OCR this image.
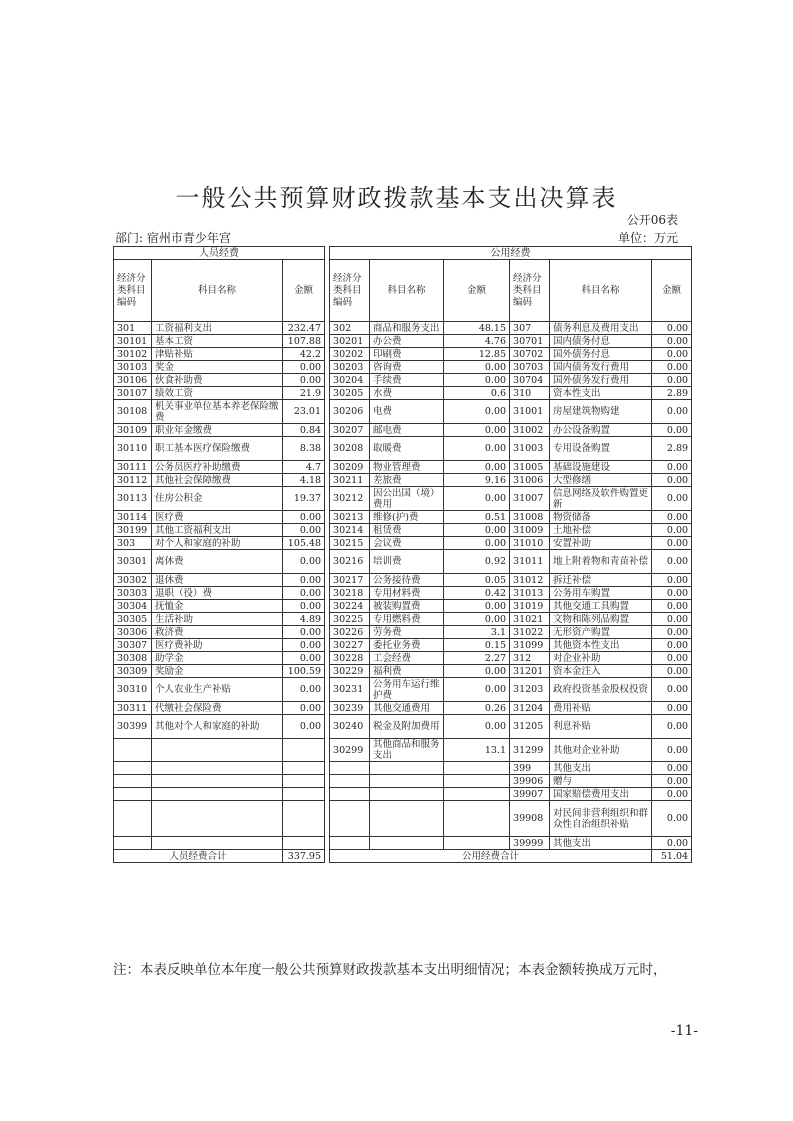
一般公共预算财政拨款基本支出决算表
公开06表
部门: 宿州市青少年宫	单位：万元
人员经费				公用经费					
经济分类科目编码	科目名称	金额		经济分类科目编码	科目名称	金额	经济分类科目编码	科目名称	金额
301	工资福利支出	232.47		302	商品和服务支出	48.15	307	债务利息及费用支出	0.00
30101	基本工资	107.88		30201	办公费	4.76	30701	国内债务付息	0.00
30102	津贴补贴	42.2		30202	印刷费	12.85	30702	国外债务付息	0.00
30103	奖金	0.00		30203	咨询费	0.00	30703	国内债务发行费用	0.00
30106	伙食补助费	0.00		30204	手续费	0.00	30704	国外债务发行费用	0.00
30107	绩效工资	21.9		30205	水费	0.6	310	资本性支出	2.89
30108	机关事业单位基本养老保险缴费	23.01		30206	电费	0.00	31001	房屋建筑物购建	0.00
30109	职业年金缴费	0.84		30207	邮电费	0.00	31002	办公设备购置	0.00
30110	职工基本医疗保险缴费	8.38		30208	取暖费	0.00	31003	专用设备购置	2.89
30111	公务员医疗补助缴费	4.7		30209	物业管理费	0.00	31005	基础设施建设	0.00
30112	其他社会保障缴费	4.18		30211	差旅费	9.16	31006	大型修缮	0.00
30113	住房公积金	19.37		30212	因公出国（境）费用	0.00	31007	信息网络及软件购置更新	0.00
30114	医疗费	0.00		30213	维修(护)费	0.51	31008	物资储备	0.00
30199	其他工资福利支出	0.00		30214	租赁费	0.00	31009	土地补偿	0.00
303	对个人和家庭的补助	105.48		30215	会议费	0.00	31010	安置补助	0.00
30301	离休费	0.00		30216	培训费	0.92	31011	地上附着物和青苗补偿	0.00
30302	退休费	0.00		30217	公务接待费	0.05	31012	拆迁补偿	0.00
30303	退职（役）费	0.00		30218	专用材料费	0.42	31013	公务用车购置	0.00
30304	抚恤金	0.00		30224	被装购置费	0.00	31019	其他交通工具购置	0.00
30305	生活补助	4.89		30225	专用燃料费	0.00	31021	文物和陈列品购置	0.00
30306	救济费	0.00		30226	劳务费	3.1	31022	无形资产购置	0.00
30307	医疗费补助	0.00		30227	委托业务费	0.15	31099	其他资本性支出	0.00
30308	助学金	0.00		30228	工会经费	2.27	312	对企业补助	0.00
30309	奖励金	100.59		30229	福利费	0.00	31201	资本金注入	0.00
30310	个人农业生产补贴	0.00		30231	公务用车运行维护费	0.00	31203	政府投资基金股权投资	0.00
30311	代缴社会保险费	0.00		30239	其他交通费用	0.26	31204	费用补贴	0.00
30399	其他对个人和家庭的补助	0.00		30240	税金及附加费用	0.00	31205	利息补贴	0.00
				30299	其他商品和服务支出	13.1	31299	其他对企业补助	0.00
							399	其他支出	0.00
							39906	赠与	0.00
							39907	国家赔偿费用支出	0.00
							39908	对民间非营利组织和群众性自治组织补贴	0.00
							39999	其他支出	0.00
人员经费合计		337.95		公用经费合计					51.04
注：本表反映单位本年度一般公共预算财政拨款基本支出明细情况；本表金额转换成万元时，
-11-
